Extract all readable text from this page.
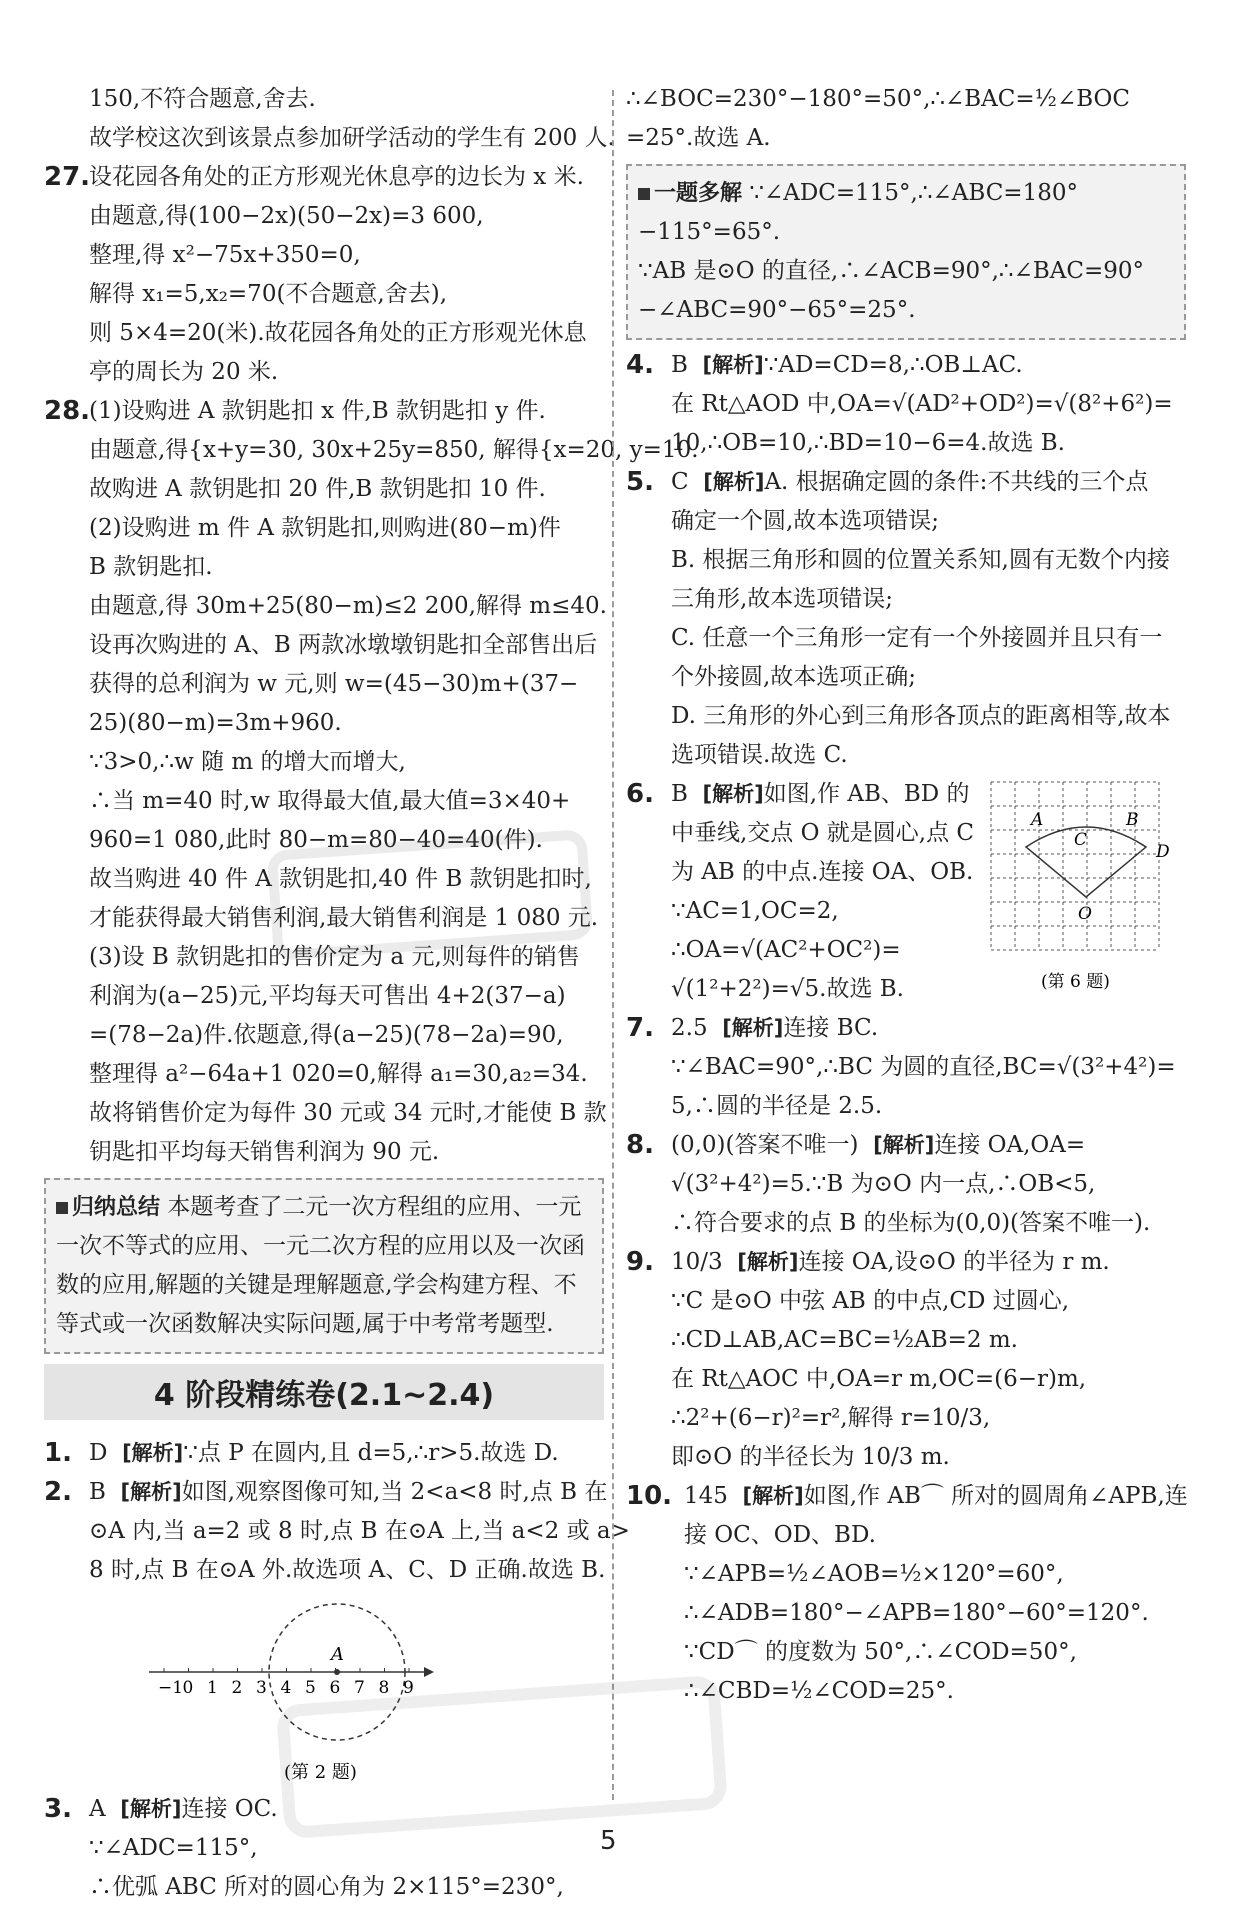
150,不符合题意,舍去.

故学校这次到该景点参加研学活动的学生有 200 人.

27.

设花园各角处的正方形观光休息亭的边长为 x 米.

由题意,得(100−2x)(50−2x)=3 600,

整理,得 x²−75x+350=0,

解得 x₁=5,x₂=70(不合题意,舍去),

则 5×4=20(米).故花园各角处的正方形观光休息

亭的周长为 20 米.

28.

(1)设购进 A 款钥匙扣 x 件,B 款钥匙扣 y 件.

由题意,得{x+y=30, 30x+25y=850, 解得{x=20, y=10.

故购进 A 款钥匙扣 20 件,B 款钥匙扣 10 件.

(2)设购进 m 件 A 款钥匙扣,则购进(80−m)件

B 款钥匙扣.

由题意,得 30m+25(80−m)≤2 200,解得 m≤40.

设再次购进的 A、B 两款冰墩墩钥匙扣全部售出后

获得的总利润为 w 元,则 w=(45−30)m+(37−

25)(80−m)=3m+960.

∵3>0,∴w 随 m 的增大而增大,

∴当 m=40 时,w 取得最大值,最大值=3×40+

960=1 080,此时 80−m=80−40=40(件).

故当购进 40 件 A 款钥匙扣,40 件 B 款钥匙扣时,

才能获得最大销售利润,最大销售利润是 1 080 元.

(3)设 B 款钥匙扣的售价定为 a 元,则每件的销售

利润为(a−25)元,平均每天可售出 4+2(37−a)

=(78−2a)件.依题意,得(a−25)(78−2a)=90,

整理得 a²−64a+1 020=0,解得 a₁=30,a₂=34.

故将销售价定为每件 30 元或 34 元时,才能使 B 款

钥匙扣平均每天销售利润为 90 元.

归纳总结 本题考查了二元一次方程组的应用、一元一次不等式的应用、一元二次方程的应用以及一次函数的应用,解题的关键是理解题意,学会构建方程、不等式或一次函数解决实际问题,属于中考常考题型.

4 阶段精练卷(2.1~2.4)
1. D [解析]∵点 P 在圆内,且 d=5,∴r>5.故选 D.

2. B [解析]如图,观察图像可知,当 2<a<8 时,点 B 在

⊙A 内,当 a=2 或 8 时,点 B 在⊙A 上,当 a<2 或 a>

8 时,点 B 在⊙A 外.故选项 A、C、D 正确.故选 B.

A
−1 0 1 2 3 4 5 6 7 8 9
(第 2 题)
3. A [解析]连接 OC.

∵∠ADC=115°,

∴优弧 ABC 所对的圆心角为 2×115°=230°,

∴∠BOC=230°−180°=50°,∴∠BAC=½∠BOC

=25°.故选 A.

一题多解 ∵∠ADC=115°,∴∠ABC=180°−115°=65°.

∵AB 是⊙O 的直径,∴∠ACB=90°,∴∠BAC=90°−∠ABC=90°−65°=25°.

4. B [解析]∵AD=CD=8,∴OB⊥AC.

在 Rt△AOD 中,OA=√(AD²+OD²)=√(8²+6²)=

10,∴OB=10,∴BD=10−6=4.故选 B.

5. C [解析]A. 根据确定圆的条件:不共线的三个点

确定一个圆,故本选项错误;

B. 根据三角形和圆的位置关系知,圆有无数个内接

三角形,故本选项错误;

C. 任意一个三角形一定有一个外接圆并且只有一

个外接圆,故本选项正确;

D. 三角形的外心到三角形各顶点的距离相等,故本

选项错误.故选 C.

6. B [解析]如图,作 AB、BD 的

中垂线,交点 O 就是圆心,点 C

为 AB 的中点.连接 OA、OB.

∵AC=1,OC=2,

∴OA=√(AC²+OC²)=

√(1²+2²)=√5.故选 B.

A	B
C
D
O
(第 6 题)
7. 2.5 [解析]连接 BC.

∵∠BAC=90°,∴BC 为圆的直径,BC=√(3²+4²)=

5,∴圆的半径是 2.5.

8. (0,0)(答案不唯一) [解析]连接 OA,OA=

√(3²+4²)=5.∵B 为⊙O 内一点,∴OB<5,

∴符合要求的点 B 的坐标为(0,0)(答案不唯一).

9. 10/3 [解析]连接 OA,设⊙O 的半径为 r m.

∵C 是⊙O 中弦 AB 的中点,CD 过圆心,

∴CD⊥AB,AC=BC=½AB=2 m.

在 Rt△AOC 中,OA=r m,OC=(6−r)m,

∴2²+(6−r)²=r²,解得 r=10/3,

即⊙O 的半径长为 10/3 m.

10. 145 [解析]如图,作 AB⌒ 所对的圆周角∠APB,连

接 OC、OD、BD.

∵∠APB=½∠AOB=½×120°=60°,

∴∠ADB=180°−∠APB=180°−60°=120°.

∵CD⌒ 的度数为 50°,∴∠COD=50°,

∴∠CBD=½∠COD=25°.

5
